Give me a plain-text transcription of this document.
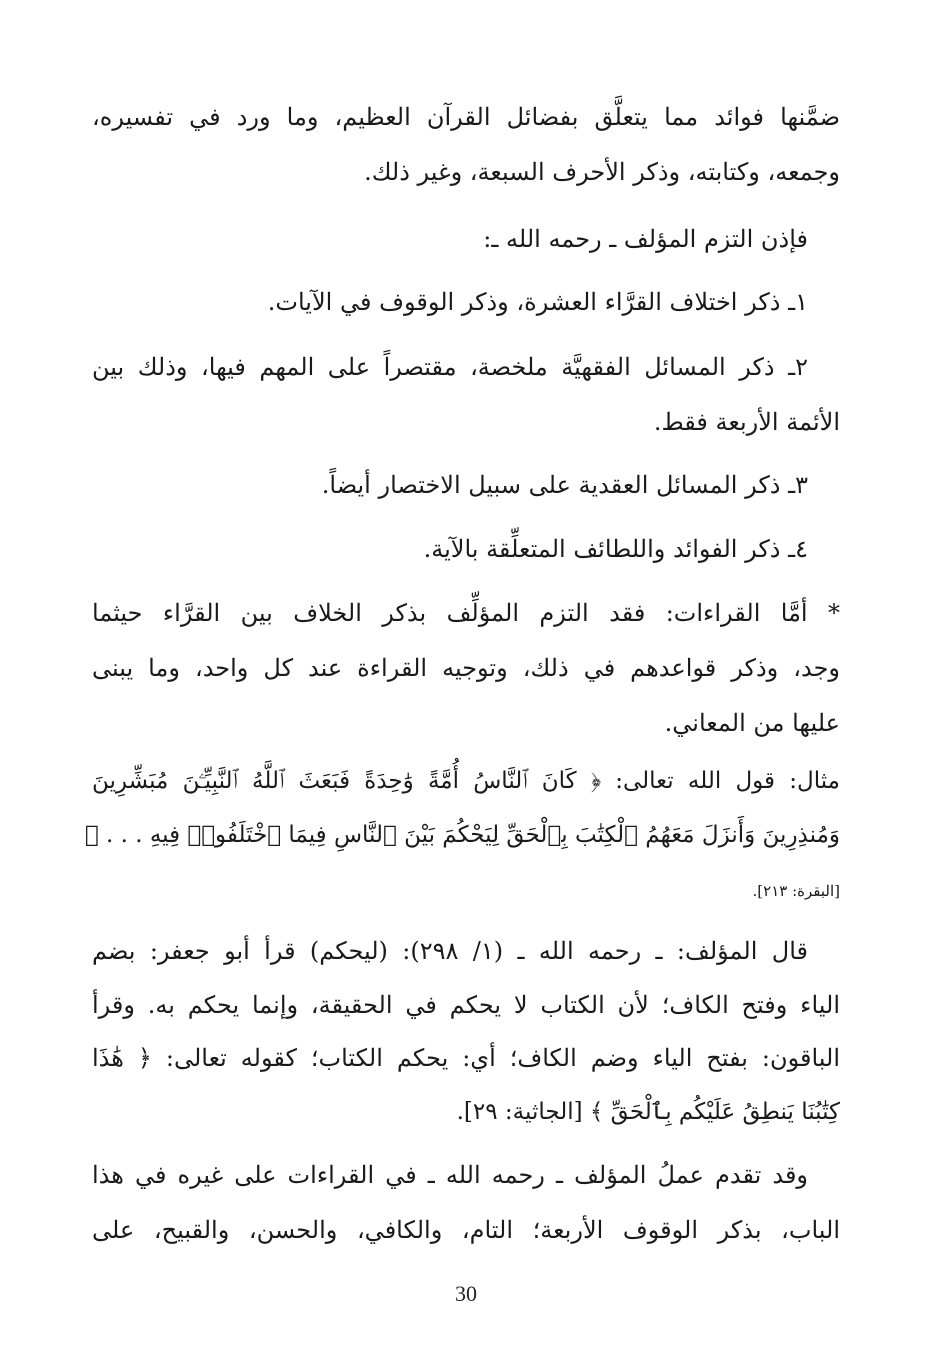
ضمَّنها فوائد مما يتعلَّق بفضائل القرآن العظيم، وما ورد في تفسيره،
وجمعه، وكتابته، وذكر الأحرف السبعة، وغير ذلك.
فإذن التزم المؤلف ـ رحمه الله ـ:
١ـ ذكر اختلاف القرَّاء العشرة، وذكر الوقوف في الآيات.
٢ـ ذكر المسائل الفقهيَّة ملخصة، مقتصراً على المهم فيها، وذلك بين
الأئمة الأربعة فقط.
٣ـ ذكر المسائل العقدية على سبيل الاختصار أيضاً.
٤ـ ذكر الفوائد واللطائف المتعلِّقة بالآية.
* أمَّا القراءات: فقد التزم المؤلِّف بذكر الخلاف بين القرَّاء حيثما
وجد، وذكر قواعدهم في ذلك، وتوجيه القراءة عند كل واحد، وما يبنى
عليها من المعاني.
مثال: قول الله تعالى: ﴿ كَانَ ٱلنَّاسُ أُمَّةً وَٰحِدَةً فَبَعَثَ ٱللَّهُ ٱلنَّبِيِّـۧنَ مُبَشِّرِينَ
وَمُنذِرِينَ وَأَنزَلَ مَعَهُمُ ٱلْكِتَٰبَ بِٱلْحَقِّ لِيَحْكُمَ بَيْنَ ٱلنَّاسِ فِيمَا ٱخْتَلَفُوا۟ فِيهِ . . . ﴾
[البقرة: ٢١٣].
قال المؤلف: ـ رحمه الله ـ (١/ ٢٩٨): (ليحكم) قرأ أبو جعفر: بضم
الياء وفتح الكاف؛ لأن الكتاب لا يحكم في الحقيقة، وإنما يحكم به. وقرأ
الباقون: بفتح الياء وضم الكاف؛ أي: يحكم الكتاب؛ كقوله تعالى: ﴿ هَٰذَا
كِتَٰبُنَا يَنطِقُ عَلَيْكُم بِٱلْحَقِّ ﴾ [الجاثية: ٢٩].
وقد تقدم عملُ المؤلف ـ رحمه الله ـ في القراءات على غيره في هذا
الباب، بذكر الوقوف الأربعة؛ التام، والكافي، والحسن، والقبيح، على
30
